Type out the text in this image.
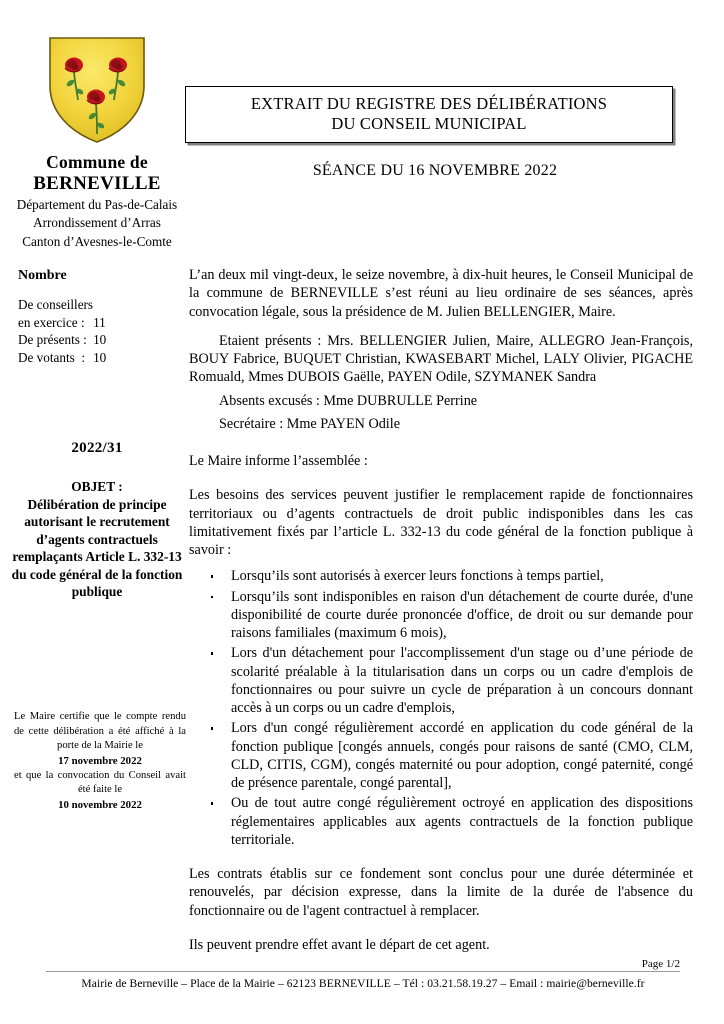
Commune de
BERNEVILLE
Département du Pas-de-Calais
Arrondissement d’Arras
Canton d’Avesnes-le-Comte
Nombre
De conseillers	
en exercice :	11
De présents :	10
De votants  :	10
2022/31
OBJET :
Délibération de principe autorisant le recrutement d’agents contractuels remplaçants Article L. 332-13 du code général de la fonction publique
Le Maire certifie que le compte rendu de cette délibération a été affiché à la porte de la Mairie le
17 novembre 2022
et que la convocation du Conseil avait été faite le
10 novembre 2022
EXTRAIT DU REGISTRE DES DÉLIBÉRATIONS
DU CONSEIL MUNICIPAL
SÉANCE DU 16 NOVEMBRE 2022

L’an deux mil vingt-deux, le seize novembre, à dix-huit heures, le Conseil Municipal de la commune de BERNEVILLE s’est réuni au lieu ordinaire de ses séances, après convocation légale, sous la présidence de M. Julien BELLENGIER, Maire.

Etaient présents : Mrs. BELLENGIER Julien, Maire, ALLEGRO Jean-François, BOUY Fabrice, BUQUET Christian, KWASEBART Michel, LALY Olivier, PIGACHE Romuald, Mmes DUBOIS Gaëlle, PAYEN Odile, SZYMANEK Sandra

Absents excusés : Mme DUBRULLE Perrine
Secrétaire : Mme PAYEN Odile

Le Maire informe l’assemblée :

Les besoins des services peuvent justifier le remplacement rapide de fonctionnaires territoriaux ou d’agents contractuels de droit public indisponibles dans les cas limitativement fixés par l’article L. 332-13 du code général de la fonction publique à savoir :

Lorsqu’ils sont autorisés à exercer leurs fonctions à temps partiel,
Lorsqu’ils sont indisponibles en raison d'un détachement de courte durée, d'une disponibilité de courte durée prononcée d'office, de droit ou sur demande pour raisons familiales (maximum 6 mois),
Lors d'un détachement pour l'accomplissement d'un stage ou d’une période de scolarité préalable à la titularisation dans un corps ou un cadre d'emplois de fonctionnaires ou pour suivre un cycle de préparation à un concours donnant accès à un corps ou un cadre d'emplois,
Lors d'un congé régulièrement accordé en application du code général de la fonction publique [congés annuels, congés pour raisons de santé (CMO, CLM, CLD, CITIS, CGM), congés maternité ou pour adoption, congé paternité, congé de présence parentale, congé parental],
Ou de tout autre congé régulièrement octroyé en application des dispositions réglementaires applicables aux agents contractuels de la fonction publique territoriale.

Les contrats établis sur ce fondement sont conclus pour une durée déterminée et renouvelés, par décision expresse, dans la limite de la durée de l'absence du fonctionnaire ou de l'agent contractuel à remplacer.

Ils peuvent prendre effet avant le départ de cet agent.

Page 1/2
Mairie de Berneville – Place de la Mairie – 62123 BERNEVILLE – Tél : 03.21.58.19.27 – Email : mairie@berneville.fr
